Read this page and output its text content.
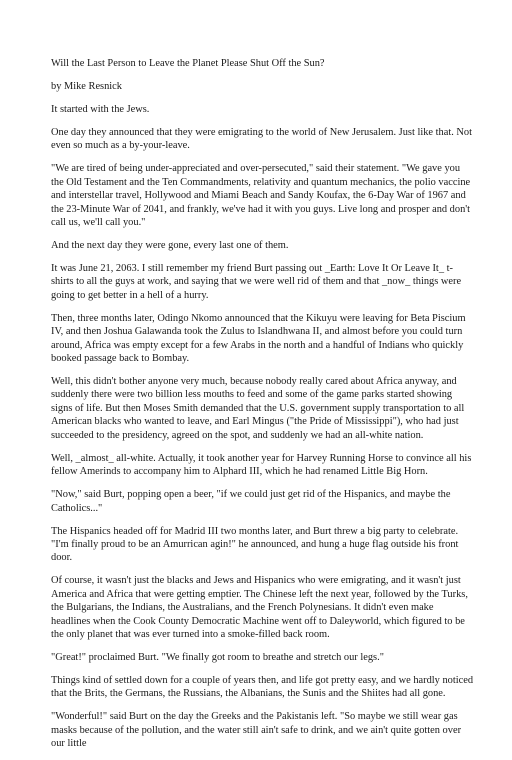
Will the Last Person to Leave the Planet Please Shut Off the Sun?

by Mike Resnick

It started with the Jews.

One day they announced that they were emigrating to the world of New Jerusalem. Just like that. Not even so much as a by-your-leave.

"We are tired of being under-appreciated and over-persecuted," said their statement. "We gave you the Old Testament and the Ten Commandments, relativity and quantum mechanics, the polio vaccine and interstellar travel, Hollywood and Miami Beach and Sandy Koufax, the 6-Day War of 1967 and the 23-Minute War of 2041, and frankly, we've had it with you guys. Live long and prosper and don't call us, we'll call you."

And the next day they were gone, every last one of them.

It was June 21, 2063. I still remember my friend Burt passing out _Earth: Love It Or Leave It_ t-shirts to all the guys at work, and saying that we were well rid of them and that _now_ things were going to get better in a hell of a hurry.

Then, three months later, Odingo Nkomo announced that the Kikuyu were leaving for Beta Piscium IV, and then Joshua Galawanda took the Zulus to Islandhwana II, and almost before you could turn around, Africa was empty except for a few Arabs in the north and a handful of Indians who quickly booked passage back to Bombay.

Well, this didn't bother anyone very much, because nobody really cared about Africa anyway, and suddenly there were two billion less mouths to feed and some of the game parks started showing signs of life. But then Moses Smith demanded that the U.S. government supply transportation to all American blacks who wanted to leave, and Earl Mingus ("the Pride of Mississippi"), who had just succeeded to the presidency, agreed on the spot, and suddenly we had an all-white nation.

Well, _almost_ all-white. Actually, it took another year for Harvey Running Horse to convince all his fellow Amerinds to accompany him to Alphard III, which he had renamed Little Big Horn.

"Now," said Burt, popping open a beer, "if we could just get rid of the Hispanics, and maybe the Catholics..."

The Hispanics headed off for Madrid III two months later, and Burt threw a big party to celebrate. "I'm finally proud to be an Amurrican agin!" he announced, and hung a huge flag outside his front door.

Of course, it wasn't just the blacks and Jews and Hispanics who were emigrating, and it wasn't just America and Africa that were getting emptier. The Chinese left the next year, followed by the Turks, the Bulgarians, the Indians, the Australians, and the French Polynesians. It didn't even make headlines when the Cook County Democratic Machine went off to Daleyworld, which figured to be the only planet that was ever turned into a smoke-filled back room.

"Great!" proclaimed Burt. "We finally got room to breathe and stretch our legs."

Things kind of settled down for a couple of years then, and life got pretty easy, and we hardly noticed that the Brits, the Germans, the Russians, the Albanians, the Sunis and the Shiites had all gone.

"Wonderful!" said Burt on the day the Greeks and the Pakistanis left. "So maybe we still wear gas masks because of the pollution, and the water still ain't safe to drink, and we ain't quite gotten over our little
